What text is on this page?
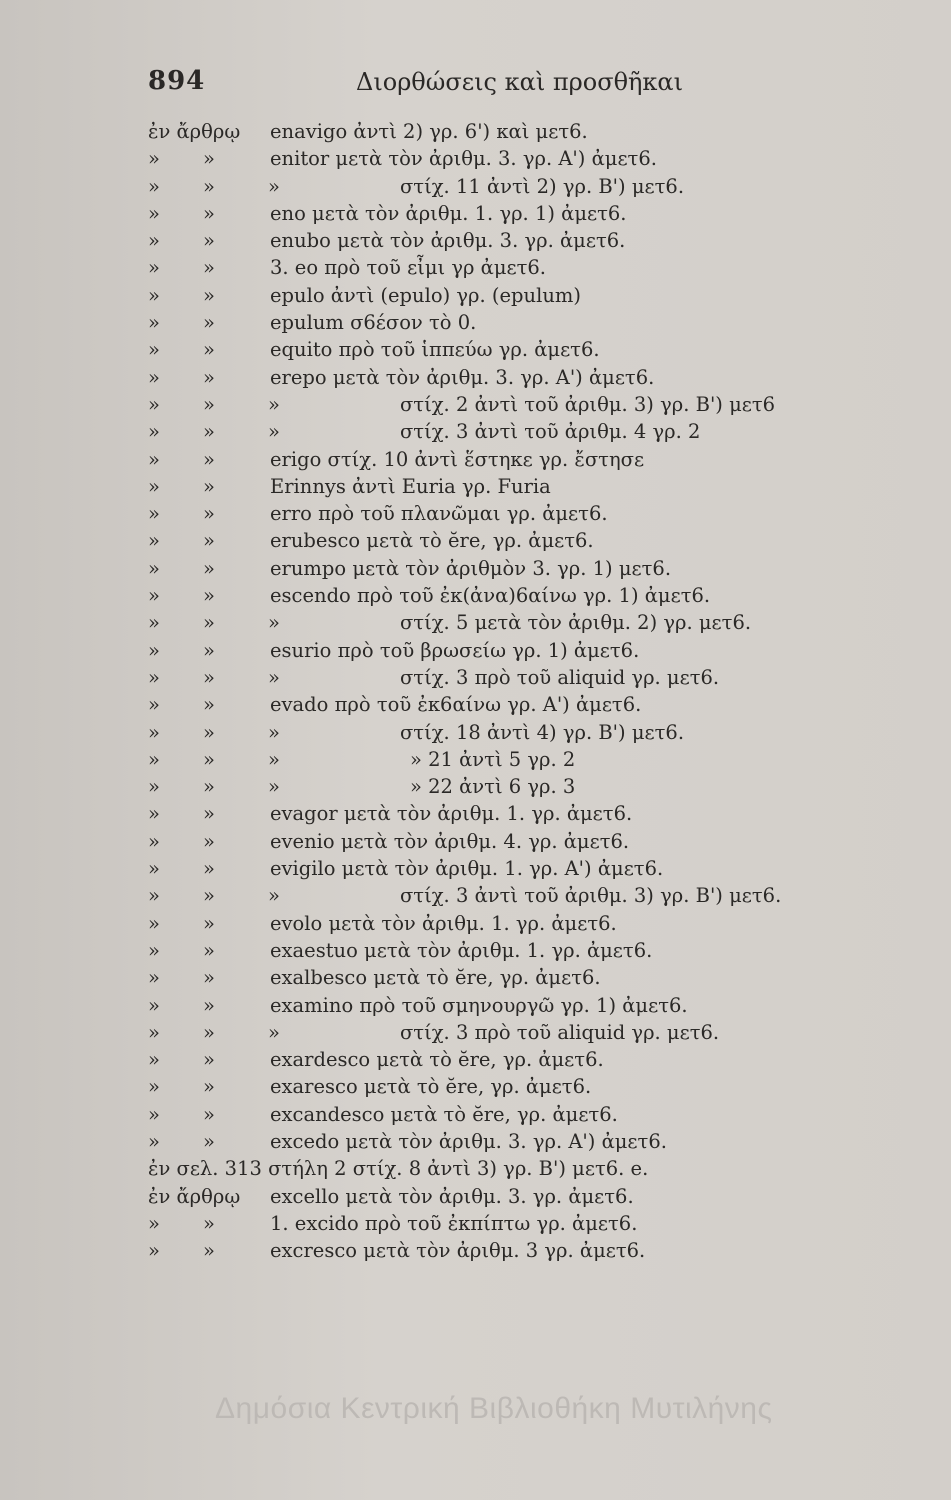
894	Διορθώσεις καὶ προσθῆκαι
ἐν ἄρθρῳ enavigo ἀντὶ 2) γρ. 6') καὶ μετ6.
» »	enitor μετὰ τὸν ἀριθμ. 3. γρ. A') ἀμετ6.
» »	»	στίχ. 11 ἀντὶ 2) γρ. B') μετ6.
» »	eno μετὰ τὸν ἀριθμ. 1. γρ. 1) ἀμετ6.
» »	enubo μετὰ τὸν ἀριθμ. 3. γρ. ἀμετ6.
» »	3. eo πρὸ τοῦ εἶμι γρ ἀμετ6.
» »	epulo ἀντὶ (epulo) γρ. (epulum)
» »	epulum σ6έσον τὸ 0.
» »	equito πρὸ τοῦ ἱππεύω γρ. ἀμετ6.
» »	erepo μετὰ τὸν ἀριθμ. 3. γρ. A') ἀμετ6.
» »	»	στίχ. 2 ἀντὶ τοῦ ἀριθμ. 3) γρ. B') μετ6
» »	»	στίχ. 3 ἀντὶ τοῦ ἀριθμ. 4 γρ. 2
» »	erigo στίχ. 10 ἀντὶ ἕστηκε γρ. ἔστησε
» »	Erinnys ἀντὶ Euria γρ. Furia
» »	erro πρὸ τοῦ πλανῶμαι γρ. ἀμετ6.
» »	erubesco μετὰ τὸ ĕre, γρ. ἀμετ6.
» »	erumpo μετὰ τὸν ἀριθμὸν 3. γρ. 1) μετ6.
» »	escendo πρὸ τοῦ ἐκ(ἀνα)6αίνω γρ. 1) ἀμετ6.
» »	»	στίχ. 5 μετὰ τὸν ἀριθμ. 2) γρ. μετ6.
» »	esurio πρὸ τοῦ βρωσείω γρ. 1) ἀμετ6.
» »	»	στίχ. 3 πρὸ τοῦ aliquid γρ. μετ6.
» »	evado πρὸ τοῦ ἐκ6αίνω γρ. A') ἀμετ6.
» »	»	στίχ. 18 ἀντὶ 4) γρ. B') μετ6.
» »	»	» 21 ἀντὶ 5 γρ. 2
» »	»	» 22 ἀντὶ 6 γρ. 3
» »	evagor μετὰ τὸν ἀριθμ. 1. γρ. ἀμετ6.
» »	evenio μετὰ τὸν ἀριθμ. 4. γρ. ἀμετ6.
» »	evigilo μετὰ τὸν ἀριθμ. 1. γρ. A') ἀμετ6.
» »	»	στίχ. 3 ἀντὶ τοῦ ἀριθμ. 3) γρ. B') μετ6.
» »	evolo μετὰ τὸν ἀριθμ. 1. γρ. ἀμετ6.
» »	exaestuo μετὰ τὸν ἀριθμ. 1. γρ. ἀμετ6.
» »	exalbesco μετὰ τὸ ĕre, γρ. ἀμετ6.
» »	examino πρὸ τοῦ σμηνουργῶ γρ. 1) ἀμετ6.
» »	»	στίχ. 3 πρὸ τοῦ aliquid γρ. μετ6.
» »	exardesco μετὰ τὸ ĕre, γρ. ἀμετ6.
» »	exaresco μετὰ τὸ ĕre, γρ. ἀμετ6.
» »	excandesco μετὰ τὸ ĕre, γρ. ἀμετ6.
» »	excedo μετὰ τὸν ἀριθμ. 3. γρ. A') ἀμετ6.
ἐν σελ. 313 στήλη 2 στίχ. 8 ἀντὶ 3) γρ. B') μετ6. e.
ἐν ἄρθρῳ excello μετὰ τὸν ἀριθμ. 3. γρ. ἀμετ6.
» »	1. excido πρὸ τοῦ ἐκπίπτω γρ. ἀμετ6.
» »	excresco μετὰ τὸν ἀριθμ. 3 γρ. ἀμετ6.
Δημόσια Κεντρική Βιβλιοθήκη Μυτιλήνης
